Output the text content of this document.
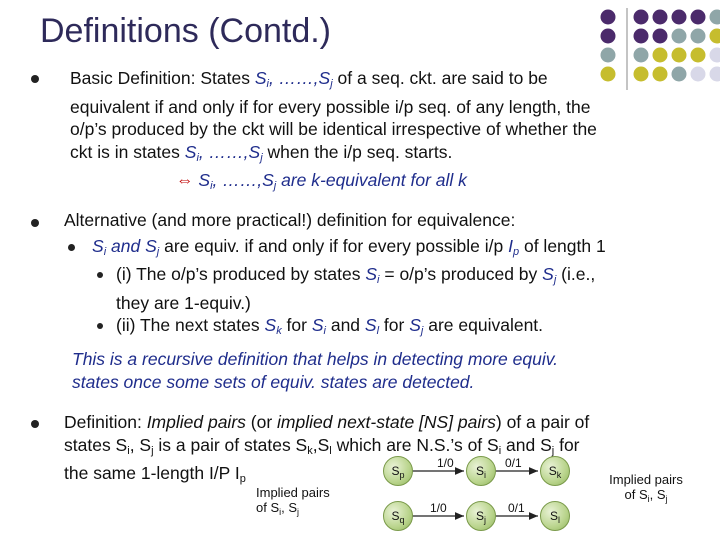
Definitions (Contd.)

Basic Definition: States $S_i$, $\dots\dots,S_j$ of a seq. ckt. are said to be
equivalent if and only if for every possible i/p seq. of any length, the
o/p’s produced by the ckt will be identical irrespective of whether the
ckt is in states $S_i$, $\dots\dots,S_j$ when the i/p seq. starts.
⇔ $S_i$, $\dots\dots,S_j$ are k-equivalent for all k

Alternative (and more practical!) definition for equivalence:

$S_i$ and $S_j$ are equiv. if and only if for every possible i/p $I_p$ of length 1

(i) The o/p’s produced by states $S_i$ = o/p’s produced by $S_j$ (i.e.,
they are 1-equiv.)

(ii) The next states $S_k$ for $S_i$ and $S_l$ for $S_j$ are equivalent.

This is a recursive definition that helps in detecting more equiv.
states once some sets of equiv. states are detected.

Definition: Implied pairs (or implied next-state [NS] pairs) of a pair of
states $S_i$, $S_j$ is a pair of states $S_k,S_l$ which are N.S.’s of $S_i$ and $S_j$ for
the same 1-length I/P $I_p$

$S_p$	$S_i$	$S_k$
$S_q$	$S_j$	$S_l$
1/0	0/1
1/0	0/1
Implied pairs
of $S_i$, $S_j$
Implied pairs
of $S_i$, $S_j$
